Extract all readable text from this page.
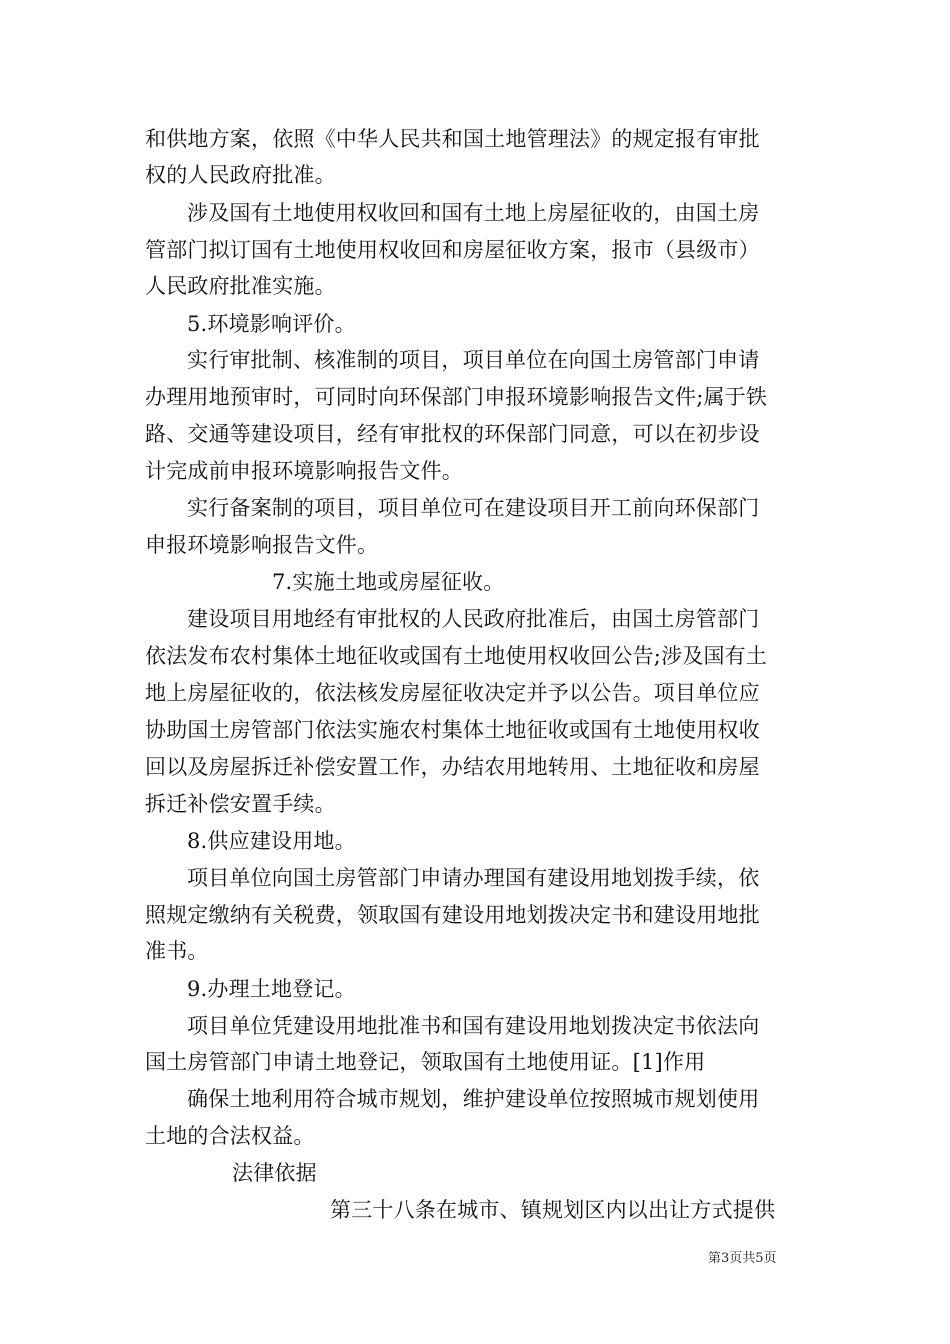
和供地方案，依照《中华人民共和国土地管理法》的规定报有审批
权的人民政府批准。
涉及国有土地使用权收回和国有土地上房屋征收的，由国土房
管部门拟订国有土地使用权收回和房屋征收方案，报市（县级市）
人民政府批准实施。
5.环境影响评价。
实行审批制、核准制的项目，项目单位在向国土房管部门申请
办理用地预审时，可同时向环保部门申报环境影响报告文件;属于铁
路、交通等建设项目，经有审批权的环保部门同意，可以在初步设
计完成前申报环境影响报告文件。
实行备案制的项目，项目单位可在建设项目开工前向环保部门
申报环境影响报告文件。
7.实施土地或房屋征收。
建设项目用地经有审批权的人民政府批准后，由国土房管部门
依法发布农村集体土地征收或国有土地使用权收回公告;涉及国有土
地上房屋征收的，依法核发房屋征收决定并予以公告。项目单位应
协助国土房管部门依法实施农村集体土地征收或国有土地使用权收
回以及房屋拆迁补偿安置工作，办结农用地转用、土地征收和房屋
拆迁补偿安置手续。
8.供应建设用地。
项目单位向国土房管部门申请办理国有建设用地划拨手续，依
照规定缴纳有关税费，领取国有建设用地划拨决定书和建设用地批
准书。
9.办理土地登记。
项目单位凭建设用地批准书和国有建设用地划拨决定书依法向
国土房管部门申请土地登记，领取国有土地使用证。[1]作用
确保土地利用符合城市规划，维护建设单位按照城市规划使用
土地的合法权益。
法律依据
第三十八条在城市、镇规划区内以出让方式提供
第3页共5页
